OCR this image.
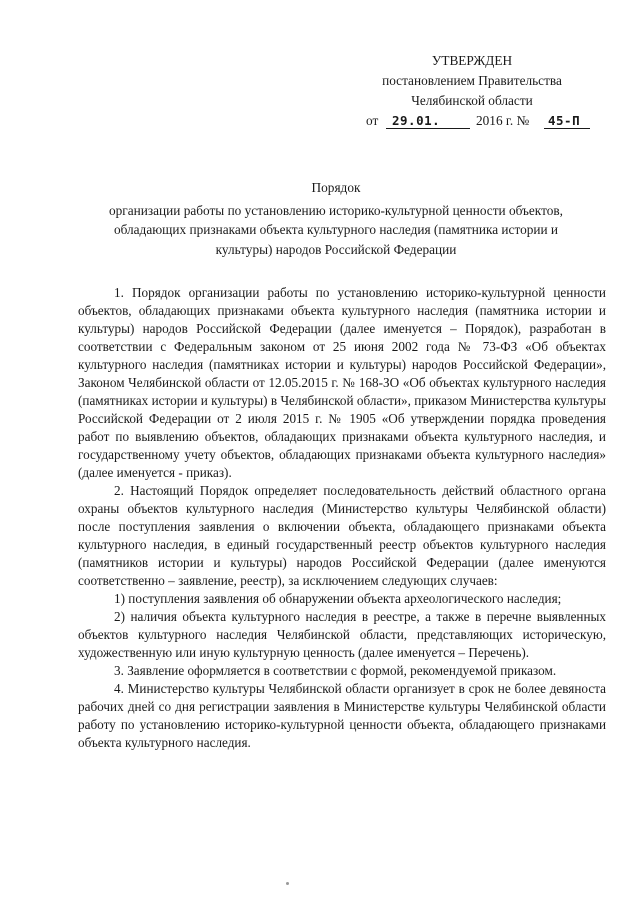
УТВЕРЖДЕН
постановлением Правительства
Челябинской области
от 29.01.	2016 г. № 45-П
Порядок
организации работы по установлению историко-культурной ценности объектов,
обладающих признаками объекта культурного наследия (памятника истории и
культуры) народов Российской Федерации

1. Порядок организации работы по установлению историко-культурной ценности объектов, обладающих признаками объекта культурного наследия (памятника истории и культуры) народов Российской Федерации (далее именуется – Порядок), разработан в соответствии с Федеральным законом от 25 июня 2002 года № 73-ФЗ «Об объектах культурного наследия (памятниках истории и культуры) народов Российской Федерации», Законом Челябинской области от 12.05.2015 г. № 168-ЗО «Об объектах культурного наследия (памятниках истории и культуры) в Челябинской области», приказом Министерства культуры Российской Федерации от 2 июля 2015 г. № 1905 «Об утверждении порядка проведения работ по выявлению объектов, обладающих признаками объекта культурного наследия, и государственному учету объектов, обладающих признаками объекта культурного наследия» (далее именуется - приказ).

2. Настоящий Порядок определяет последовательность действий областного органа охраны объектов культурного наследия (Министерство культуры Челябинской области) после поступления заявления о включении объекта, обладающего признаками объекта культурного наследия, в единый государственный реестр объектов культурного наследия (памятников истории и культуры) народов Российской Федерации (далее именуются соответственно – заявление, реестр), за исключением следующих случаев:

1) поступления заявления об обнаружении объекта археологического наследия;

2) наличия объекта культурного наследия в реестре, а также в перечне выявленных объектов культурного наследия Челябинской области, представляющих историческую, художественную или иную культурную ценность (далее именуется – Перечень).

3. Заявление оформляется в соответствии с формой, рекомендуемой приказом.

4. Министерство культуры Челябинской области организует в срок не более девяноста рабочих дней со дня регистрации заявления в Министерстве культуры Челябинской области работу по установлению историко-культурной ценности объекта, обладающего признаками объекта культурного наследия.
